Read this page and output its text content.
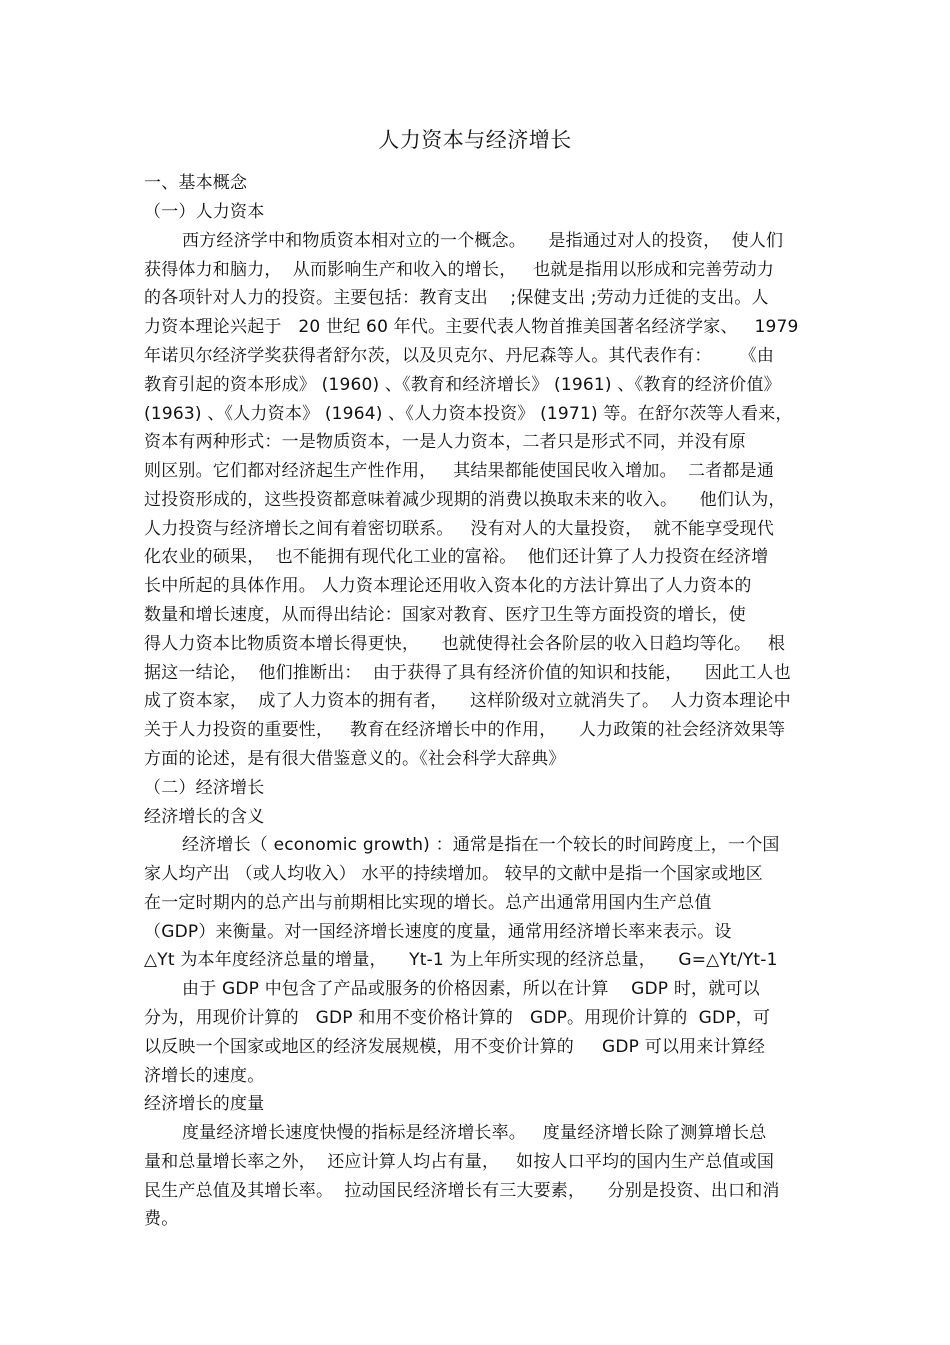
人力资本与经济增长
一、基本概念
（一）人力资本
西方经济学中和物质资本相对立的一个概念。    是指通过对人的投资，  使人们
获得体力和脑力，  从而影响生产和收入的增长，   也就是指用以形成和完善劳动力
的各项针对人力的投资。主要包括：教育支出    ;保健支出 ;劳动力迁徙的支出。人
力资本理论兴起于   20 世纪 60 年代。主要代表人物首推美国著名经济学家、   1979
年诺贝尔经济学奖获得者舒尔茨，以及贝克尔、丹尼森等人。其代表作有：     《由
教育引起的资本形成》 (1960) 、《教育和经济增长》 (1961) 、《教育的经济价值》
(1963) 、《人力资本》 (1964) 、《人力资本投资》 (1971) 等。在舒尔茨等人看来，
资本有两种形式：一是物质资本，一是人力资本，二者只是形式不同，并没有原
则区别。它们都对经济起生产性作用，   其结果都能使国民收入增加。  二者都是通
过投资形成的，这些投资都意味着减少现期的消费以换取未来的收入。    他们认为，
人力投资与经济增长之间有着密切联系。   没有对人的大量投资，  就不能享受现代
化农业的硕果，  也不能拥有现代化工业的富裕。  他们还计算了人力投资在经济增
长中所起的具体作用。 人力资本理论还用收入资本化的方法计算出了人力资本的
数量和增长速度，从而得出结论：国家对教育、医疗卫生等方面投资的增长，使
得人力资本比物质资本增长得更快，    也就使得社会各阶层的收入日趋均等化。   根
据这一结论，  他们推断出：  由于获得了具有经济价值的知识和技能，    因此工人也
成了资本家，  成了人力资本的拥有者，    这样阶级对立就消失了。  人力资本理论中
关于人力投资的重要性，   教育在经济增长中的作用，    人力政策的社会经济效果等
方面的论述，是有很大借鉴意义的。《社会科学大辞典》
（二）经济增长
经济增长的含义
经济增长（ economic growth) ：通常是指在一个较长的时间跨度上，一个国
家人均产出 （或人均收入） 水平的持续增加。 较早的文献中是指一个国家或地区
在一定时期内的总产出与前期相比实现的增长。总产出通常用国内生产总值
（GDP）来衡量。对一国经济增长速度的度量，通常用经济增长率来表示。设
△Yt 为本年度经济总量的增量，    Yt-1 为上年所实现的经济总量，    G=△Yt/Yt-1
由于 GDP 中包含了产品或服务的价格因素，所以在计算    GDP 时，就可以
分为，用现价计算的   GDP 和用不变价格计算的   GDP。用现价计算的  GDP，可
以反映一个国家或地区的经济发展规模，用不变价计算的     GDP 可以用来计算经
济增长的速度。
经济增长的度量
度量经济增长速度快慢的指标是经济增长率。   度量经济增长除了测算增长总
量和总量增长率之外，  还应计算人均占有量，   如按人口平均的国内生产总值或国
民生产总值及其增长率。  拉动国民经济增长有三大要素，    分别是投资、出口和消
费。
